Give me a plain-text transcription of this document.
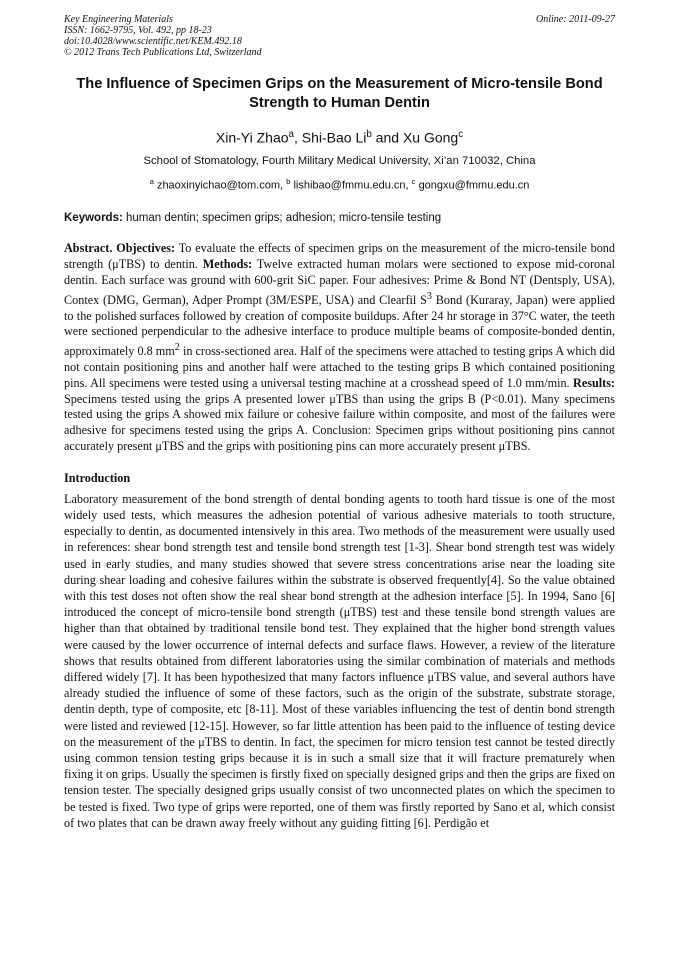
Key Engineering Materials
ISSN: 1662-9795, Vol. 492, pp 18-23
doi:10.4028/www.scientific.net/KEM.492.18
© 2012 Trans Tech Publications Ltd, Switzerland
Online: 2011-09-27
The Influence of Specimen Grips on the Measurement of Micro-tensile Bond Strength to Human Dentin
Xin-Yi Zhao$^a$, Shi-Bao Li$^b$ and Xu Gong$^c$
School of Stomatology, Fourth Military Medical University, Xi’an 710032, China
$^a$ zhaoxinyichao@tom.com, $^b$ lishibao@fmmu.edu.cn, $^c$ gongxu@fmmu.edu.cn
Keywords: human dentin; specimen grips; adhesion; micro-tensile testing
Abstract. Objectives: To evaluate the effects of specimen grips on the measurement of the micro-tensile bond strength (μTBS) to dentin. Methods: Twelve extracted human molars were sectioned to expose mid-coronal dentin. Each surface was ground with 600-grit SiC paper. Four adhesives: Prime & Bond NT (Dentsply, USA), Contex (DMG, German), Adper Prompt (3M/ESPE, USA) and Clearfil $S^3$ Bond (Kuraray, Japan) were applied to the polished surfaces followed by creation of composite buildups. After 24 hr storage in 37°C water, the teeth were sectioned perpendicular to the adhesive interface to produce multiple beams of composite-bonded dentin, approximately 0.8 $mm^2$ in cross-sectioned area. Half of the specimens were attached to testing grips A which did not contain positioning pins and another half were attached to the testing grips B which contained positioning pins. All specimens were tested using a universal testing machine at a crosshead speed of 1.0 mm/min. Results: Specimens tested using the grips A presented lower μTBS than using the grips B (P<0.01). Many specimens tested using the grips A showed mix failure or cohesive failure within composite, and most of the failures were adhesive for specimens tested using the grips A. Conclusion: Specimen grips without positioning pins cannot accurately present μTBS and the grips with positioning pins can more accurately present μTBS.
Introduction
Laboratory measurement of the bond strength of dental bonding agents to tooth hard tissue is one of the most widely used tests, which measures the adhesion potential of various adhesive materials to tooth structure, especially to dentin, as documented intensively in this area. Two methods of the measurement were usually used in references: shear bond strength test and tensile bond strength test [1-3]. Shear bond strength test was widely used in early studies, and many studies showed that severe stress concentrations arise near the loading site during shear loading and cohesive failures within the substrate is observed frequently[4]. So the value obtained with this test doses not often show the real shear bond strength at the adhesion interface [5]. In 1994, Sano [6] introduced the concept of micro-tensile bond strength (μTBS) test and these tensile bond strength values are higher than that obtained by traditional tensile bond test. They explained that the higher bond strength values were caused by the lower occurrence of internal defects and surface flaws. However, a review of the literature shows that results obtained from different laboratories using the similar combination of materials and methods differed widely [7]. It has been hypothesized that many factors influence μTBS value, and several authors have already studied the influence of some of these factors, such as the origin of the substrate, substrate storage, dentin depth, type of composite, etc [8-11]. Most of these variables influencing the test of dentin bond strength were listed and reviewed [12-15]. However, so far little attention has been paid to the influence of testing device on the measurement of the μTBS to dentin. In fact, the specimen for micro tension test cannot be tested directly using common tension testing grips because it is in such a small size that it will fracture prematurely when fixing it on grips. Usually the specimen is firstly fixed on specially designed grips and then the grips are fixed on tension tester. The specially designed grips usually consist of two unconnected plates on which the specimen to be tested is fixed. Two type of grips were reported, one of them was firstly reported by Sano et al, which consist of two plates that can be drawn away freely without any guiding fitting [6]. Perdigão et
